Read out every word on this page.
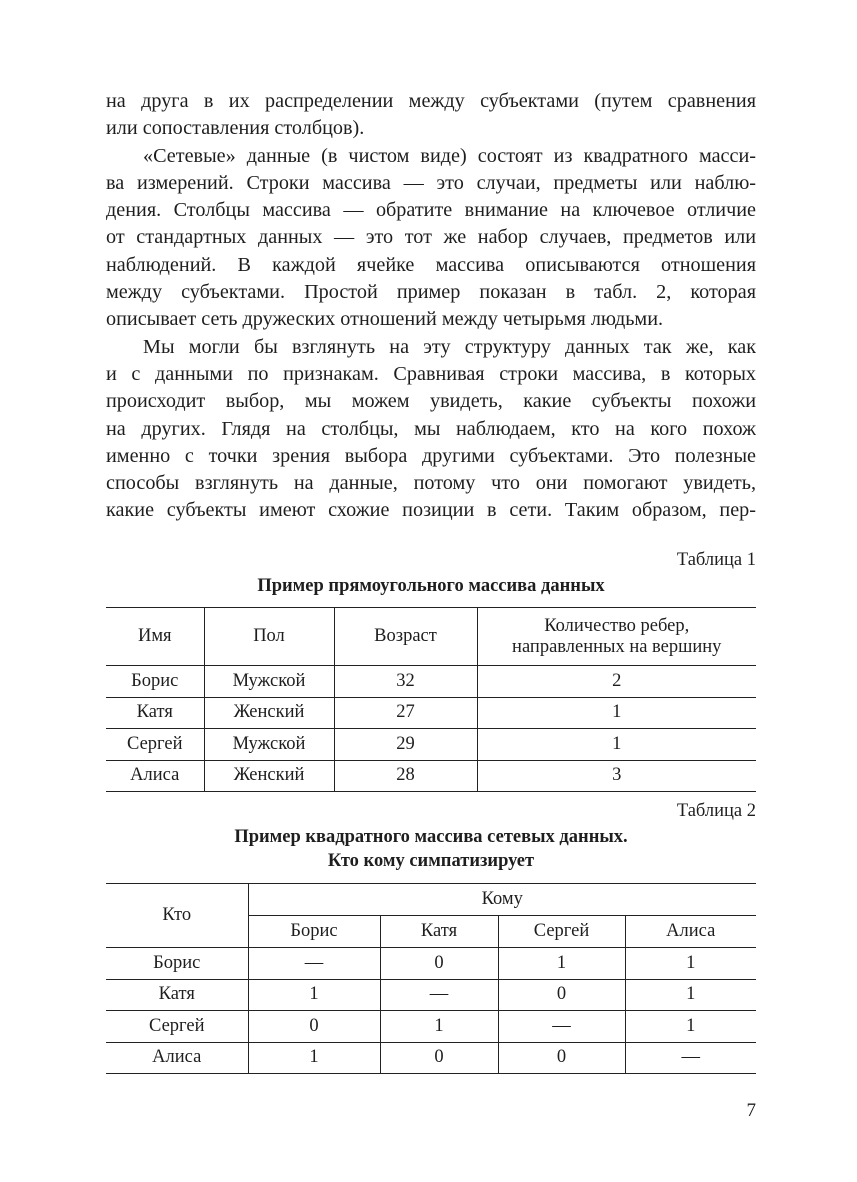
на друга в их распределении между субъектами (путем сравнения
или сопоставления столбцов).

«Сетевые» данные (в чистом виде) состоят из квадратного масси-
ва измерений. Строки массива — это случаи, предметы или наблю-
дения. Столбцы массива — обратите внимание на ключевое отличие
от стандартных данных — это тот же набор случаев, предметов или
наблюдений. В каждой ячейке массива описываются отношения
между субъектами. Простой пример показан в табл. 2, которая
описывает сеть дружеских отношений между четырьмя людьми.

Мы могли бы взглянуть на эту структуру данных так же, как
и с данными по признакам. Сравнивая строки массива, в которых
происходит выбор, мы можем увидеть, какие субъекты похожи
на других. Глядя на столбцы, мы наблюдаем, кто на кого похож
именно с точки зрения выбора другими субъектами. Это полезные
способы взглянуть на данные, потому что они помогают увидеть,
какие субъекты имеют схожие позиции в сети. Таким образом, пер-

Таблица 1
Пример прямоугольного массива данных
Имя	Пол	Возраст	Количество ребер,
направленных на вершину
Борис	Мужской	32	2
Катя	Женский	27	1
Сергей	Мужской	29	1
Алиса	Женский	28	3
Таблица 2
Пример квадратного массива сетевых данных.
Кто кому симпатизирует
Кто	Кому			
	Борис	Катя	Сергей	Алиса
Борис	—	0	1	1
Катя	1	—	0	1
Сергей	0	1	—	1
Алиса	1	0	0	—
7
